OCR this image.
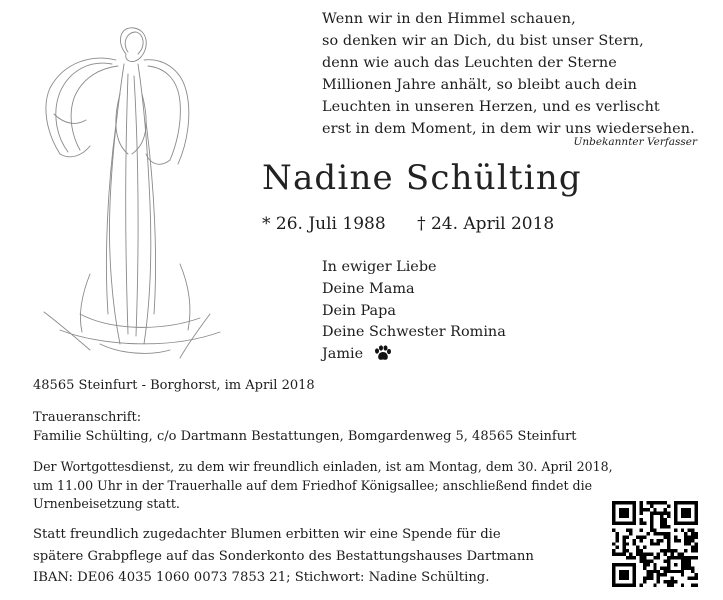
Wenn wir in den Himmel schauen,
so denken wir an Dich, du bist unser Stern,
denn wie auch das Leuchten der Sterne
Millionen Jahre anhält, so bleibt auch dein
Leuchten in unseren Herzen, und es verlischt
erst in dem Moment, in dem wir uns wiedersehen.
Unbekannter Verfasser
Nadine Schülting
* 26. Juli 1988 † 24. April 2018
In ewiger Liebe
Deine Mama
Dein Papa
Deine Schwester Romina
Jamie
48565 Steinfurt - Borghorst, im April 2018
Traueranschrift:
Familie Schülting, c/o Dartmann Bestattungen, Bomgardenweg 5, 48565 Steinfurt
Der Wortgottesdienst, zu dem wir freundlich einladen, ist am Montag, dem 30. April 2018,
um 11.00 Uhr in der Trauerhalle auf dem Friedhof Königsallee; anschließend findet die
Urnenbeisetzung statt.
Statt freundlich zugedachter Blumen erbitten wir eine Spende für die
spätere Grabpflege auf das Sonderkonto des Bestattungshauses Dartmann
IBAN: DE06 4035 1060 0073 7853 21; Stichwort: Nadine Schülting.
